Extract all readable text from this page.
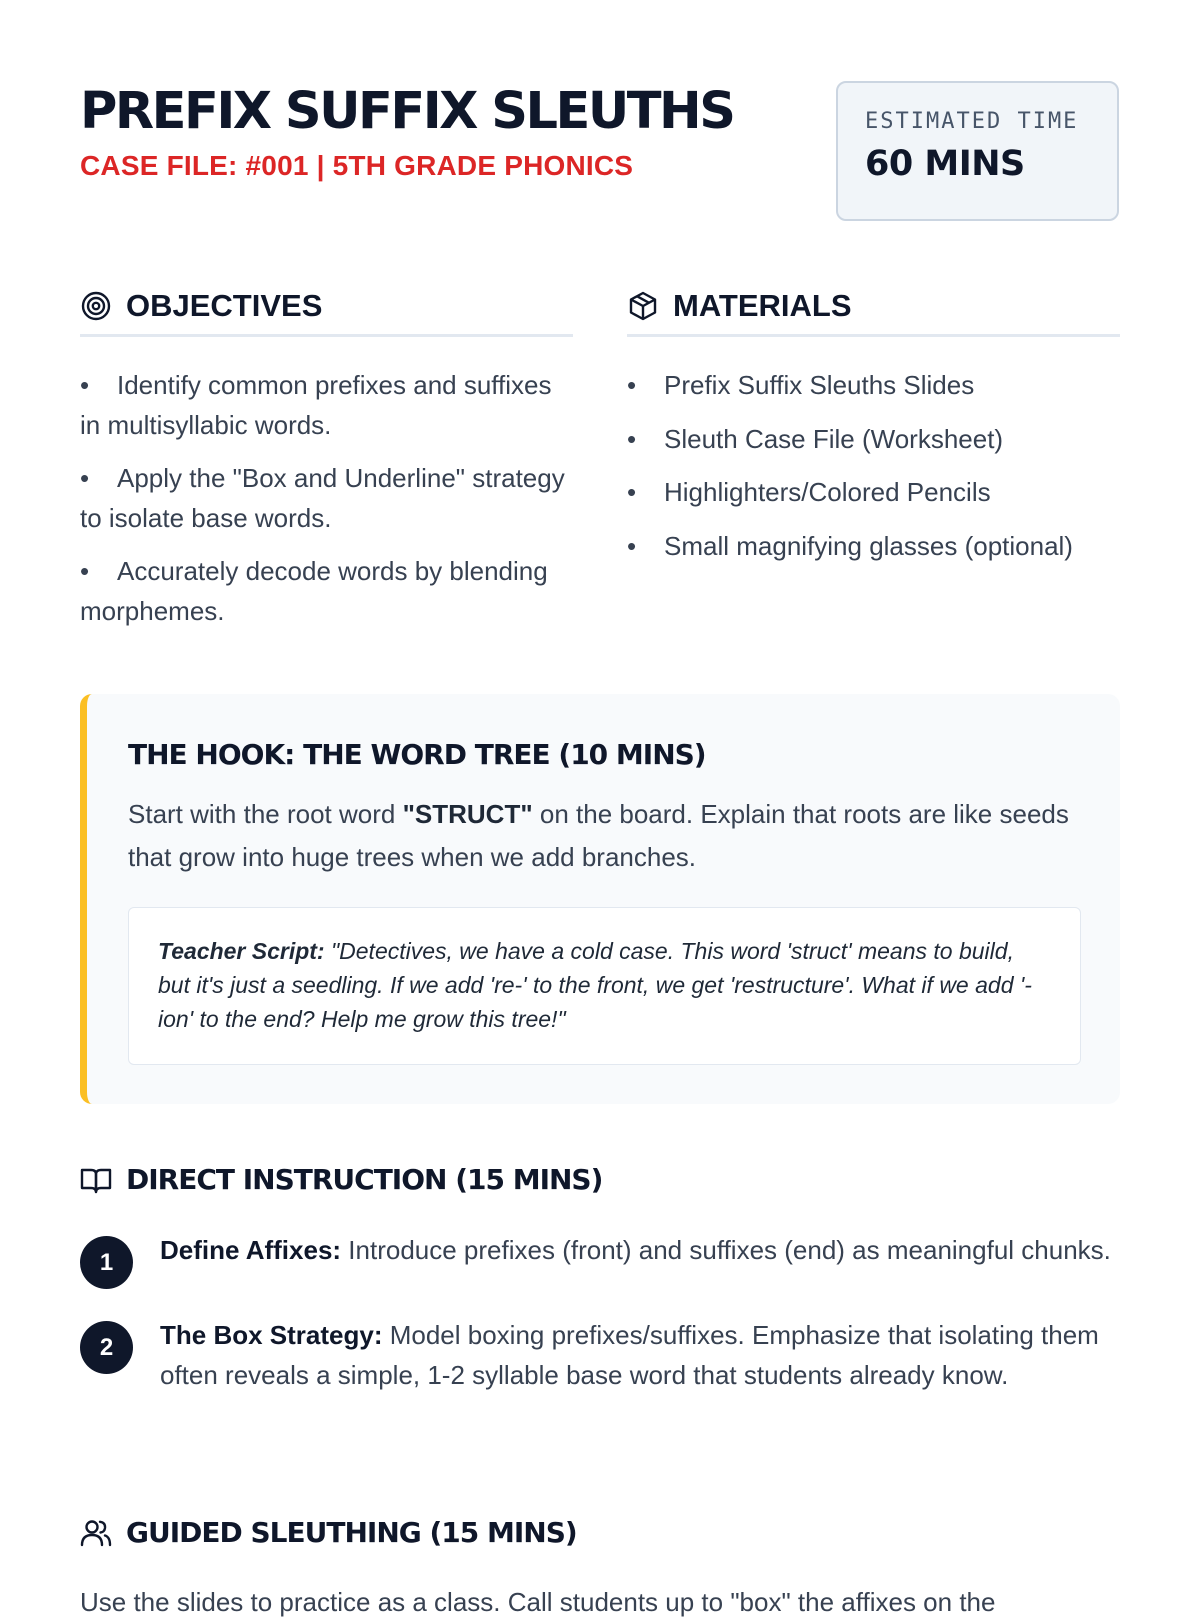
PREFIX SUFFIX SLEUTHS
CASE FILE: #001 | 5TH GRADE PHONICS
ESTIMATED TIME
60 MINS
OBJECTIVES
• Identify common prefixes and suffixes in multisyllabic words.
• Apply the "Box and Underline" strategy to isolate base words.
• Accurately decode words by blending morphemes.
MATERIALS
• Prefix Suffix Sleuths Slides
• Sleuth Case File (Worksheet)
• Highlighters/Colored Pencils
• Small magnifying glasses (optional)
THE HOOK: THE WORD TREE (10 MINS)

Start with the root word "STRUCT" on the board. Explain that roots are like seeds that grow into huge trees when we add branches.

Teacher Script: "Detectives, we have a cold case. This word 'struct' means to build, but it's just a seedling. If we add 're-' to the front, we get 'restructure'. What if we add '-ion' to the end? Help me grow this tree!"
DIRECT INSTRUCTION (15 MINS)
1	Define Affixes: Introduce prefixes (front) and suffixes (end) as meaningful chunks.
2	The Box Strategy: Model boxing prefixes/suffixes. Emphasize that isolating them often reveals a simple, 1-2 syllable base word that students already know.
GUIDED SLEUTHING (15 MINS)
Use the slides to practice as a class. Call students up to "box" the affixes on the
